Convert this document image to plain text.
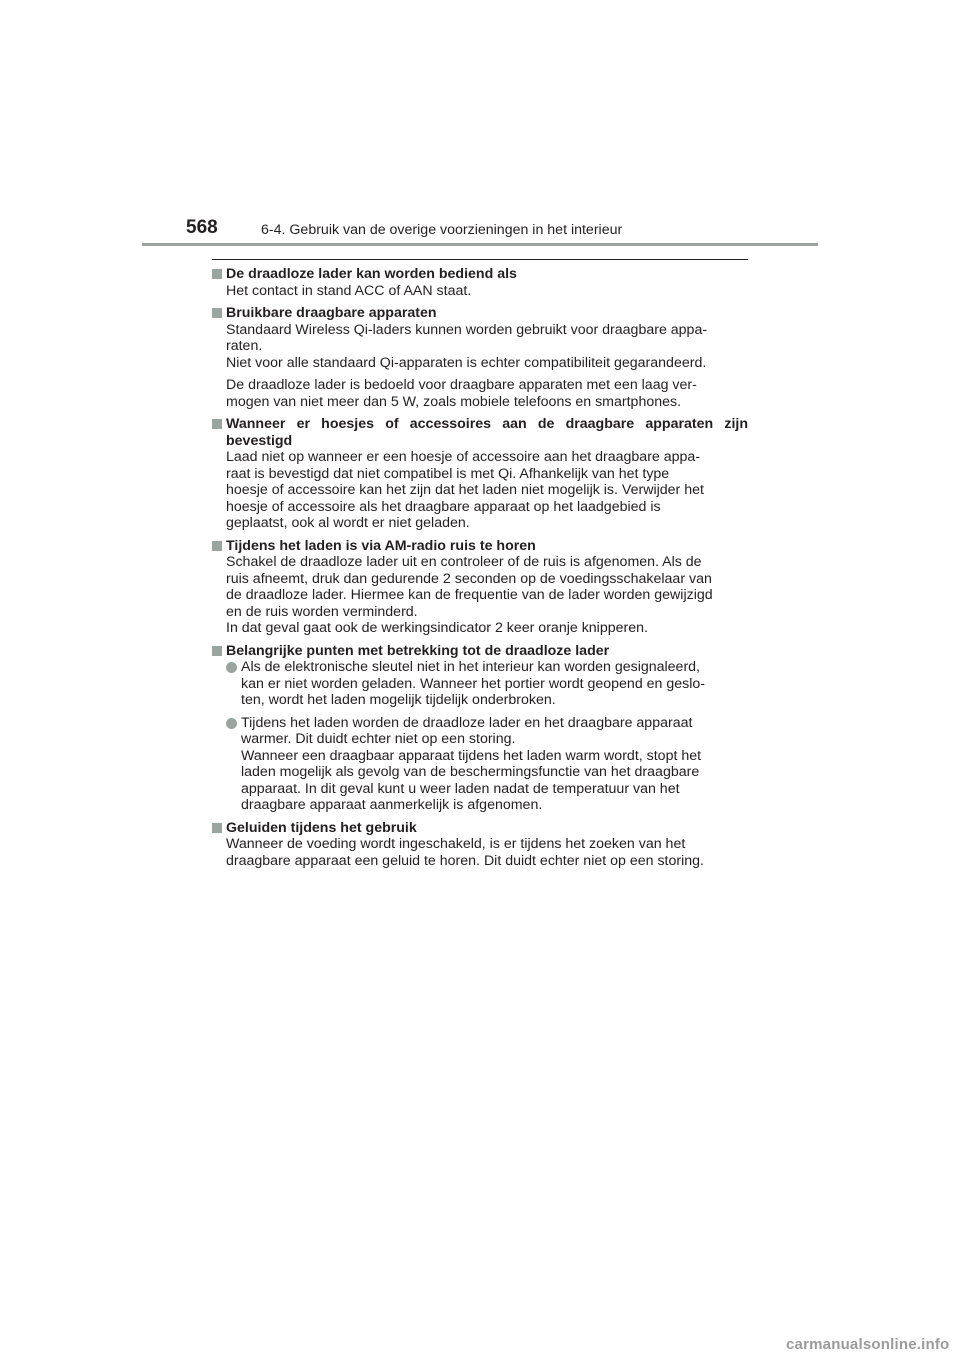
568	6-4. Gebruik van de overige voorzieningen in het interieur
De draadloze lader kan worden bediend als
Het contact in stand ACC of AAN staat.
Bruikbare draagbare apparaten
Standaard Wireless Qi-laders kunnen worden gebruikt voor draagbare appa-
raten.
Niet voor alle standaard Qi-apparaten is echter compatibiliteit gegarandeerd.
De draadloze lader is bedoeld voor draagbare apparaten met een laag ver-
mogen van niet meer dan 5 W, zoals mobiele telefoons en smartphones.
Wanneer er hoesjes of accessoires aan de draagbare apparaten zijn bevestigd
Laad niet op wanneer er een hoesje of accessoire aan het draagbare appa-
raat is bevestigd dat niet compatibel is met Qi. Afhankelijk van het type
hoesje of accessoire kan het zijn dat het laden niet mogelijk is. Verwijder het
hoesje of accessoire als het draagbare apparaat op het laadgebied is
geplaatst, ook al wordt er niet geladen.
Tijdens het laden is via AM-radio ruis te horen
Schakel de draadloze lader uit en controleer of de ruis is afgenomen. Als de
ruis afneemt, druk dan gedurende 2 seconden op de voedingsschakelaar van
de draadloze lader. Hiermee kan de frequentie van de lader worden gewijzigd
en de ruis worden verminderd.
In dat geval gaat ook de werkingsindicator 2 keer oranje knipperen.
Belangrijke punten met betrekking tot de draadloze lader
Als de elektronische sleutel niet in het interieur kan worden gesignaleerd,
kan er niet worden geladen. Wanneer het portier wordt geopend en geslo-
ten, wordt het laden mogelijk tijdelijk onderbroken.
Tijdens het laden worden de draadloze lader en het draagbare apparaat
warmer. Dit duidt echter niet op een storing.
Wanneer een draagbaar apparaat tijdens het laden warm wordt, stopt het
laden mogelijk als gevolg van de beschermingsfunctie van het draagbare
apparaat. In dit geval kunt u weer laden nadat de temperatuur van het
draagbare apparaat aanmerkelijk is afgenomen.
Geluiden tijdens het gebruik
Wanneer de voeding wordt ingeschakeld, is er tijdens het zoeken van het
draagbare apparaat een geluid te horen. Dit duidt echter niet op een storing.
carmanualsonline.info
